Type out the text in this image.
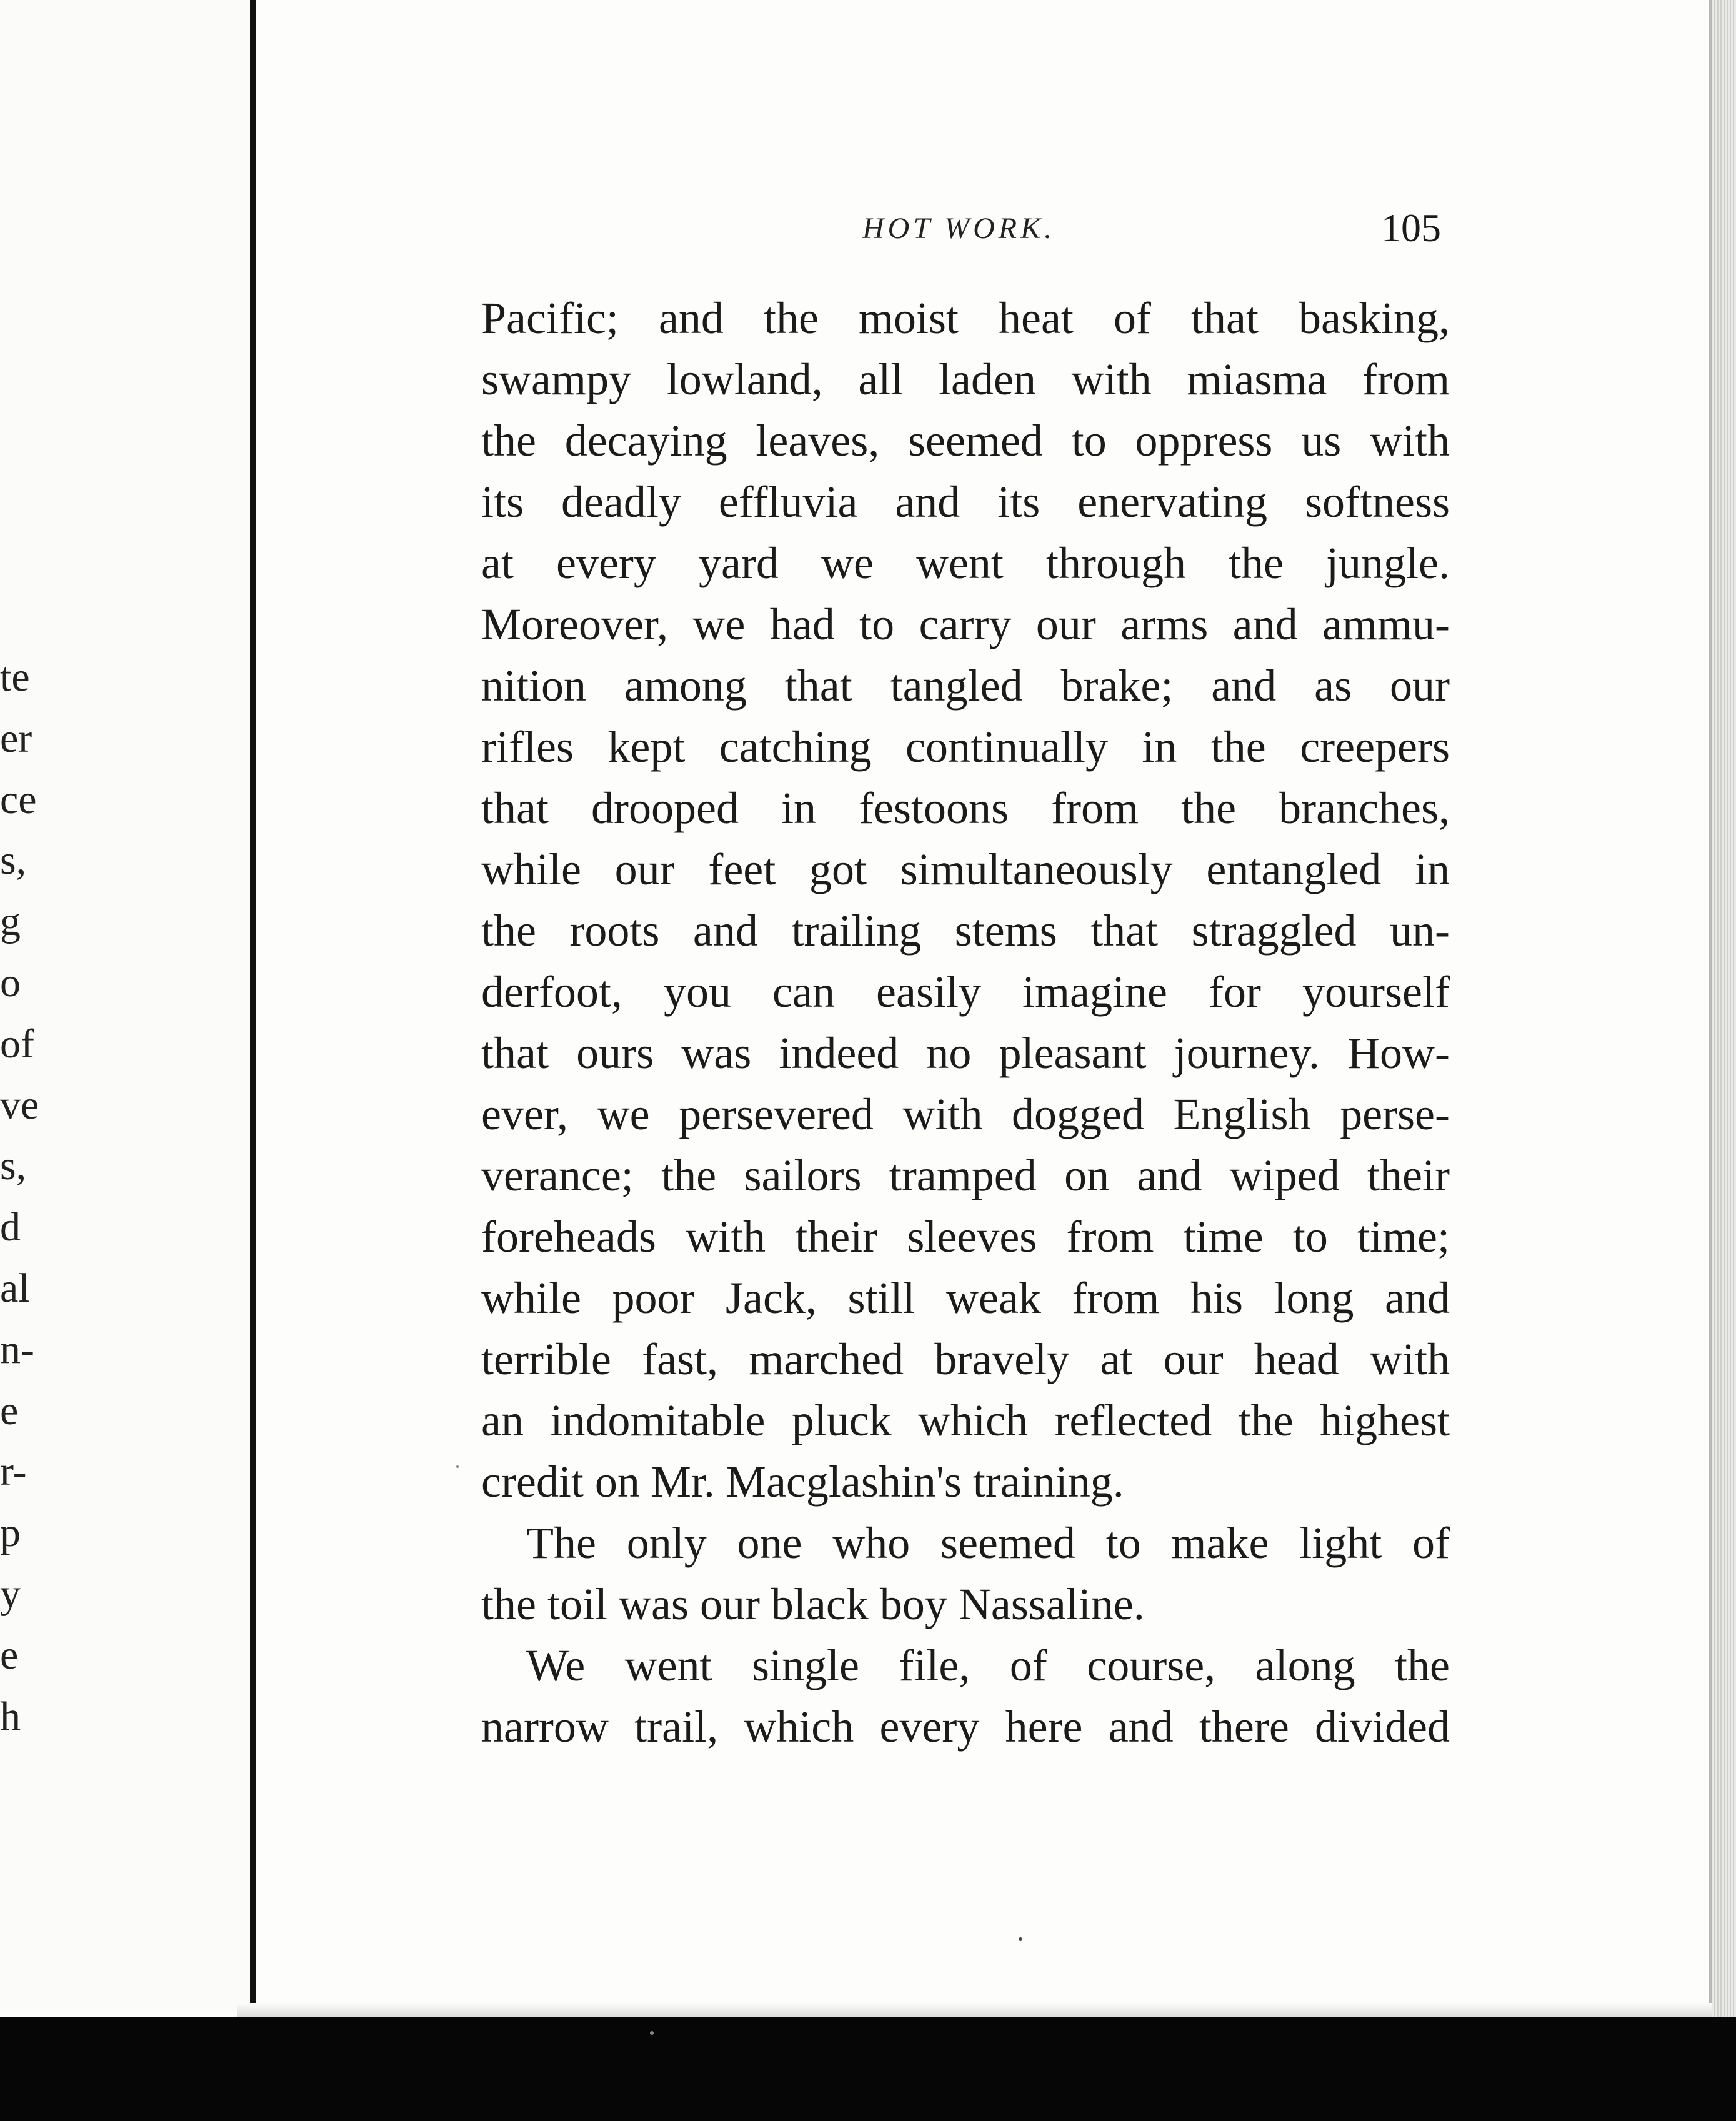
te
er
ce
s,
g
o
of
ve
s,
d
al
n-
e
r-
p
y
e
h
HOT WORK.	105
Pacific; and the moist heat of that basking,
swampy lowland, all laden with miasma from
the decaying leaves, seemed to oppress us with
its deadly effluvia and its enervating softness
at every yard we went through the jungle.
Moreover, we had to carry our arms and ammu-
nition among that tangled brake; and as our
rifles kept catching continually in the creepers
that drooped in festoons from the branches,
while our feet got simultaneously entangled in
the roots and trailing stems that straggled un-
derfoot, you can easily imagine for yourself
that ours was indeed no pleasant journey. How-
ever, we persevered with dogged English perse-
verance; the sailors tramped on and wiped their
foreheads with their sleeves from time to time;
while poor Jack, still weak from his long and
terrible fast, marched bravely at our head with
an indomitable pluck which reflected the highest
credit on Mr. Macglashin's training.
The only one who seemed to make light of
the toil was our black boy Nassaline.
We went single file, of course, along the
narrow trail, which every here and there divided
